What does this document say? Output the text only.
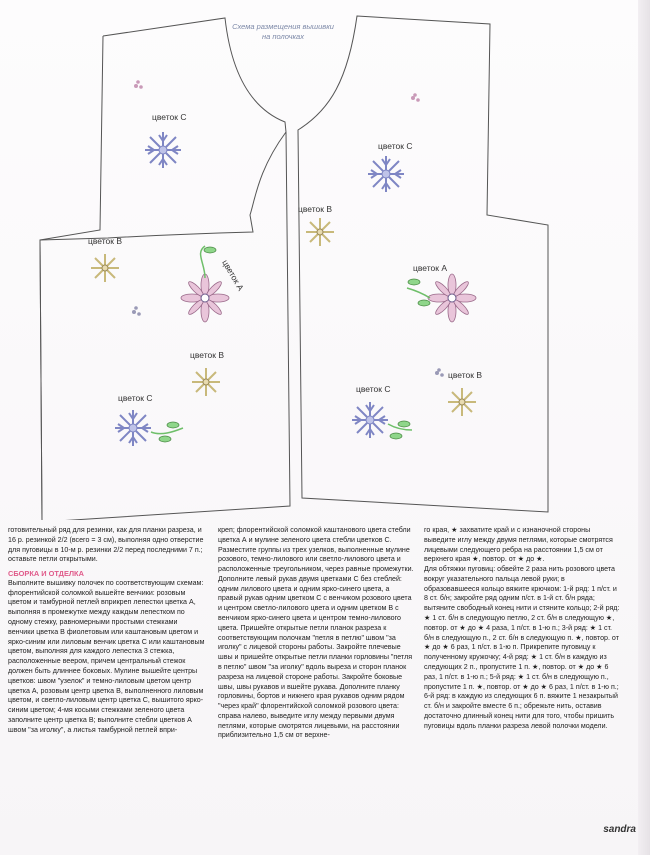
цветок С
цветок В
цветок А
цветок В
цветок С
цветок С
цветок В
цветок А
цветок С
цветок В
Схема размещения вышивки на полочках

готовительный ряд для резинки, как для планки разреза, и 16 р. резинкой 2/2 (всего = 3 см), выполняя одно отверстие для пуговицы в 10-м р. резинки 2/2 перед последними 7 п.; оставьте петли открытыми.

СБОРКА И ОТДЕЛКА

Выполните вышивку полочек по соответствующим схемам: флорентийской соломкой вышейте венчики: розовым цветом и тамбурной петлей вприкреп лепестки цветка А, выполняя в промежутке между каждым лепестком по одному стежку, равномерными простыми стежками венчики цветка В фиолетовым или каштановым цветом и ярко-синим или лиловым венчик цветка С или каштановым цветом, выполняя для каждого лепестка 3 стежка, расположенные веером, причем центральный стежок должен быть длиннее боковых. Мулине вышейте центры цветков: швом "узелок" и темно-лиловым цветом центр цветка А, розовым центр цветка В, выполненного лиловым цветом, и светло-лиловым центр цветка С, вышитого ярко-синим цветом; 4-мя косыми стежками зеленого цвета заполните центр цветка В; выполните стебли цветков А швом "за иголку", а листья тамбурной петлей впри-

креп; флорентийской соломкой каштанового цвета стебли цветка А и мулине зеленого цвета стебли цветков С. Разместите группы из трех узелков, выполненные мулине розового, темно-лилового или светло-лилового цвета и расположенные треугольником, через равные промежутки. Дополните левый рукав двумя цветками С без стеблей: одним лилового цвета и одним ярко-синего цвета, а правый рукав одним цветком С с венчиком розового цвета и центром светло-лилового цвета и одним цветком В с венчиком ярко-синего цвета и центром темно-лилового цвета. Пришейте открытые петли планок разреза к соответствующим полочкам "петля в петлю" швом "за иголку" с лицевой стороны работы. Закройте плечевые швы и пришейте открытые петли планки горловины "петля в петлю" швом "за иголку" вдоль выреза и сторон планок разреза на лицевой стороне работы. Закройте боковые швы, швы рукавов и вшейте рукава. Дополните планку горловины, бортов и нижнего края рукавов одним рядом "через край" флорентийской соломкой розового цвета: справа налево, выведите иглу между первыми двумя петлями, которые смотрятся лицевыми, на расстоянии приблизительно 1,5 см от верхне-

го края, ★ захватите край и с изнаночной стороны выведите иглу между двумя петлями, которые смотрятся лицевыми следующего ребра на расстоянии 1,5 см от верхнего края ★, повтор. от ★ до ★.

Для обтяжки пуговиц: обвейте 2 раза нить розового цвета вокруг указательного пальца левой руки; в образовавшееся кольцо вяжите крючком: 1-й ряд: 1 п/ст. и 8 ст. б/н; закройте ряд одним п/ст. в 1-й ст. б/н ряда; вытяните свободный конец нити и стяните кольцо; 2-й ряд: ★ 1 ст. б/н в следующую петлю, 2 ст. б/н в следующую ★, повтор. от ★ до ★ 4 раза, 1 п/ст. в 1-ю п.; 3-й ряд: ★ 1 ст. б/н в следующую п., 2 ст. б/н в следующую п. ★, повтор. от ★ до ★ 6 раз, 1 п/ст. в 1-ю п. Прикрепите пуговицу к полученному кружочку; 4-й ряд: ★ 1 ст. б/н в каждую из следующих 2 п., пропустите 1 п. ★, повтор. от ★ до ★ 6 раз, 1 п/ст. в 1-ю п.; 5-й ряд: ★ 1 ст. б/н в следующую п., пропустите 1 п. ★, повтор. от ★ до ★ 6 раз, 1 п/ст. в 1-ю п.; 6-й ряд: в каждую из следующих 6 п. вяжите 1 незакрытый ст. б/н и закройте вместе 6 п.; обрежьте нить, оставив достаточно длинный конец нити для того, чтобы пришить пуговицы вдоль планки разреза левой полочки модели.

sandra
